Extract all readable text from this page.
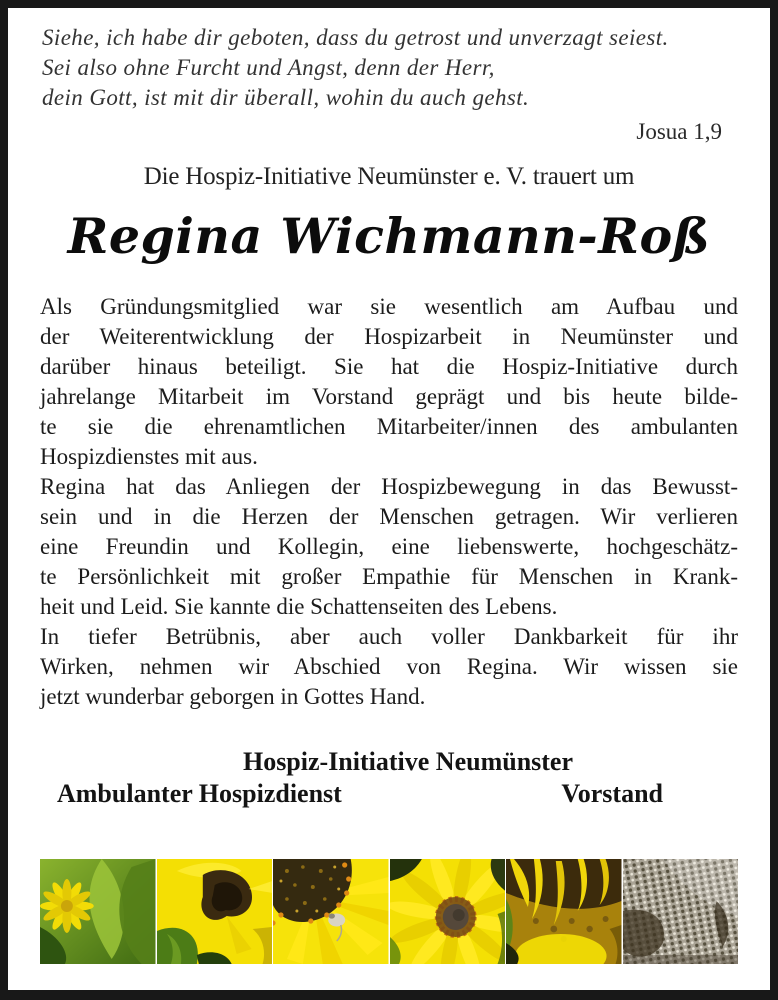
Siehe, ich habe dir geboten, dass du getrost und unverzagt seiest.
Sei also ohne Furcht und Angst, denn der Herr,
dein Gott, ist mit dir überall, wohin du auch gehst.
Josua 1,9
Die Hospiz-Initiative Neumünster e. V. trauert um
Regina Wichmann-Roß
Als Gründungsmitglied war sie wesentlich am Aufbau und
der Weiterentwicklung der Hospizarbeit in Neumünster und
darüber hinaus beteiligt. Sie hat die Hospiz-Initiative durch
jahrelange Mitarbeit im Vorstand geprägt und bis heute bilde-
te sie die ehrenamtlichen Mitarbeiter/innen des ambulanten
Hospizdienstes mit aus.
Regina hat das Anliegen der Hospizbewegung in das Bewusst-
sein und in die Herzen der Menschen getragen. Wir verlieren
eine Freundin und Kollegin, eine liebenswerte, hochgeschätz-
te Persönlichkeit mit großer Empathie für Menschen in Krank-
heit und Leid. Sie kannte die Schattenseiten des Lebens.
In tiefer Betrübnis, aber auch voller Dankbarkeit für ihr
Wirken, nehmen wir Abschied von Regina. Wir wissen sie
jetzt wunderbar geborgen in Gottes Hand.
Hospiz-Initiative Neumünster
Ambulanter Hospizdienst	Vorstand
